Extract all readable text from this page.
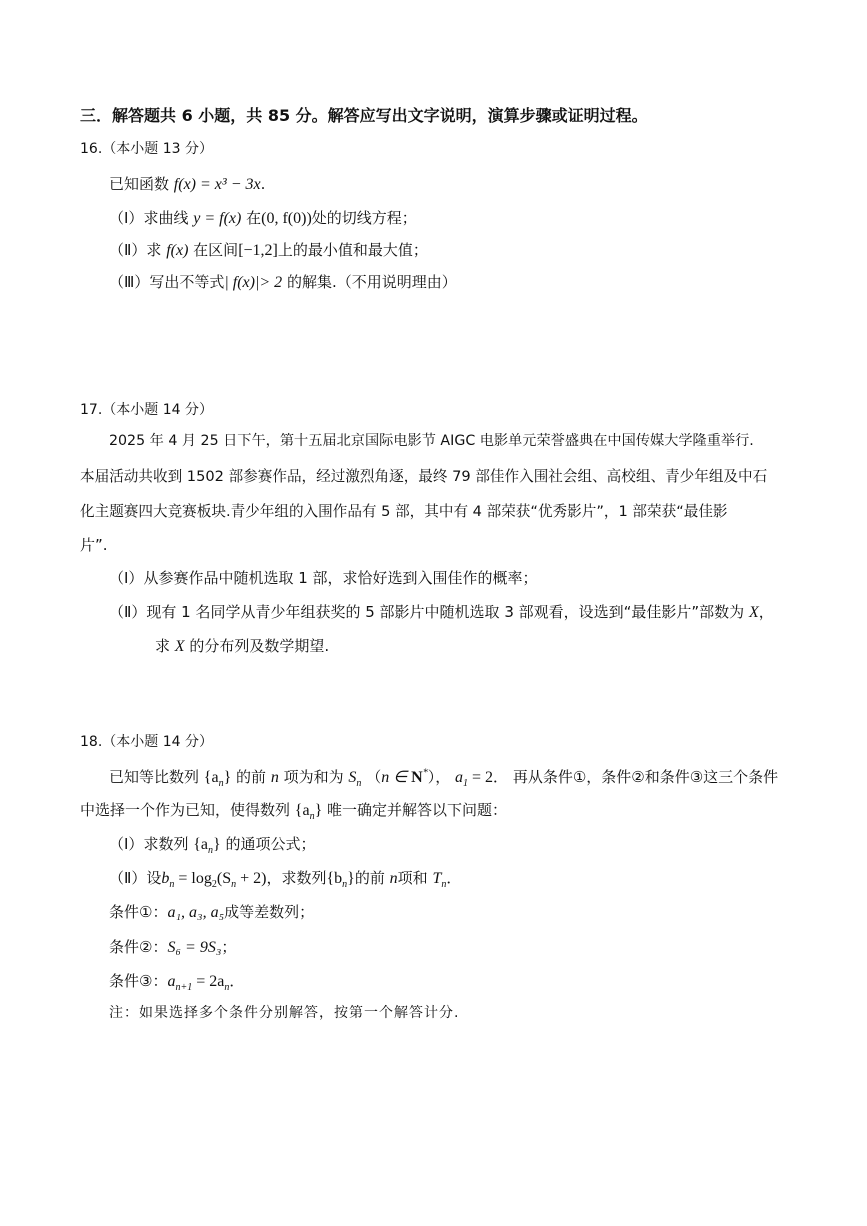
三．解答题共 6 小题，共 85 分。解答应写出文字说明，演算步骤或证明过程。
16.（本小题 13 分）
已知函数 f(x) = x³ − 3x.
（Ⅰ）求曲线 y = f(x) 在(0, f(0))处的切线方程；
（Ⅱ）求 f(x) 在区间[−1,2]上的最小值和最大值；
（Ⅲ）写出不等式| f(x)|> 2 的解集.（不用说明理由）
17.（本小题 14 分）
2025 年 4 月 25 日下午，第十五届北京国际电影节 AIGC 电影单元荣誉盛典在中国传媒大学隆重举行.
本届活动共收到 1502 部参赛作品，经过激烈角逐，最终 79 部佳作入围社会组、高校组、青少年组及中石
化主题赛四大竞赛板块.青少年组的入围作品有 5 部，其中有 4 部荣获“优秀影片”，1 部荣获“最佳影
片”.
（Ⅰ）从参赛作品中随机选取 1 部，求恰好选到入围佳作的概率；
（Ⅱ）现有 1 名同学从青少年组获奖的 5 部影片中随机选取 3 部观看，设选到“最佳影片”部数为 X，
求 X 的分布列及数学期望.
18.（本小题 14 分）
已知等比数列 $\{a_n\}$ 的前 n 项为和为 $S_n$ （n ∈ N*）， $a_1 = 2$． 再从条件①，条件②和条件③这三个条件
中选择一个作为已知，使得数列 $\{a_n\}$ 唯一确定并解答以下问题：
（Ⅰ）求数列 $\{a_n\}$ 的通项公式；
（Ⅱ）设$b_n = \log_2(S_n + 2)$，求数列$\{b_n\}$的前 n项和 $T_n$．
条件①：a₁, a₃, a₅成等差数列；
条件②：S₆ = 9S₃；
条件③：$a_{n+1} = 2a_n$．
注：如果选择多个条件分别解答，按第一个解答计分.
